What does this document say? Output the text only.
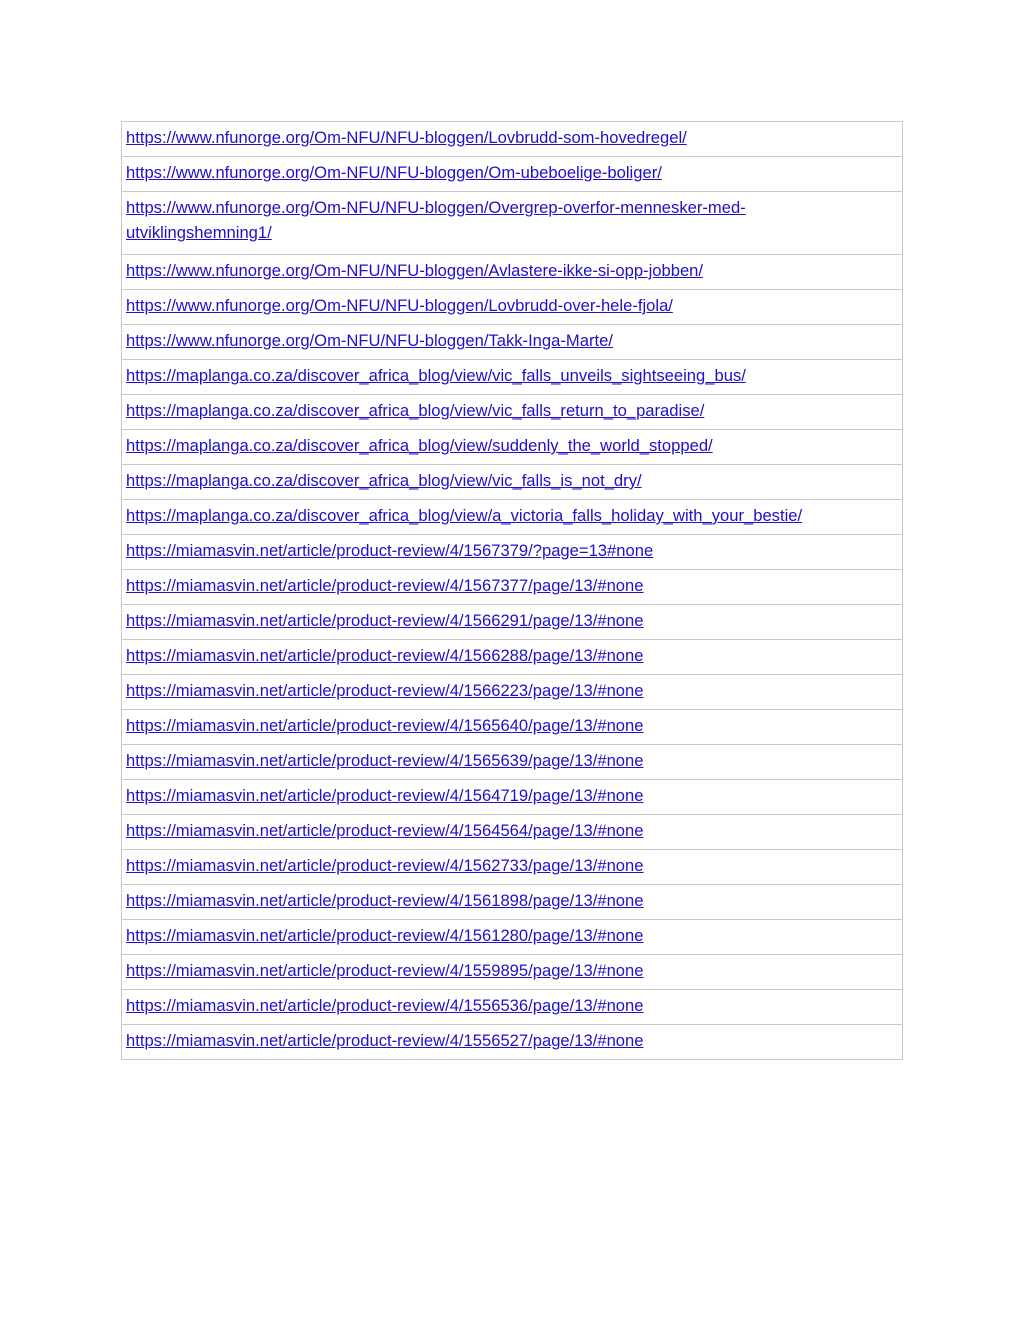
https://www.nfunorge.org/Om-NFU/NFU-bloggen/Lovbrudd-som-hovedregel/
https://www.nfunorge.org/Om-NFU/NFU-bloggen/Om-ubeboelige-boliger/
https://www.nfunorge.org/Om-NFU/NFU-bloggen/Overgrep-overfor-mennesker-med-
utviklingshemning1/
https://www.nfunorge.org/Om-NFU/NFU-bloggen/Avlastere-ikke-si-opp-jobben/
https://www.nfunorge.org/Om-NFU/NFU-bloggen/Lovbrudd-over-hele-fjola/
https://www.nfunorge.org/Om-NFU/NFU-bloggen/Takk-Inga-Marte/
https://maplanga.co.za/discover_africa_blog/view/vic_falls_unveils_sightseeing_bus/
https://maplanga.co.za/discover_africa_blog/view/vic_falls_return_to_paradise/
https://maplanga.co.za/discover_africa_blog/view/suddenly_the_world_stopped/
https://maplanga.co.za/discover_africa_blog/view/vic_falls_is_not_dry/
https://maplanga.co.za/discover_africa_blog/view/a_victoria_falls_holiday_with_your_bestie/
https://miamasvin.net/article/product-review/4/1567379/?page=13#none
https://miamasvin.net/article/product-review/4/1567377/page/13/#none
https://miamasvin.net/article/product-review/4/1566291/page/13/#none
https://miamasvin.net/article/product-review/4/1566288/page/13/#none
https://miamasvin.net/article/product-review/4/1566223/page/13/#none
https://miamasvin.net/article/product-review/4/1565640/page/13/#none
https://miamasvin.net/article/product-review/4/1565639/page/13/#none
https://miamasvin.net/article/product-review/4/1564719/page/13/#none
https://miamasvin.net/article/product-review/4/1564564/page/13/#none
https://miamasvin.net/article/product-review/4/1562733/page/13/#none
https://miamasvin.net/article/product-review/4/1561898/page/13/#none
https://miamasvin.net/article/product-review/4/1561280/page/13/#none
https://miamasvin.net/article/product-review/4/1559895/page/13/#none
https://miamasvin.net/article/product-review/4/1556536/page/13/#none
https://miamasvin.net/article/product-review/4/1556527/page/13/#none
